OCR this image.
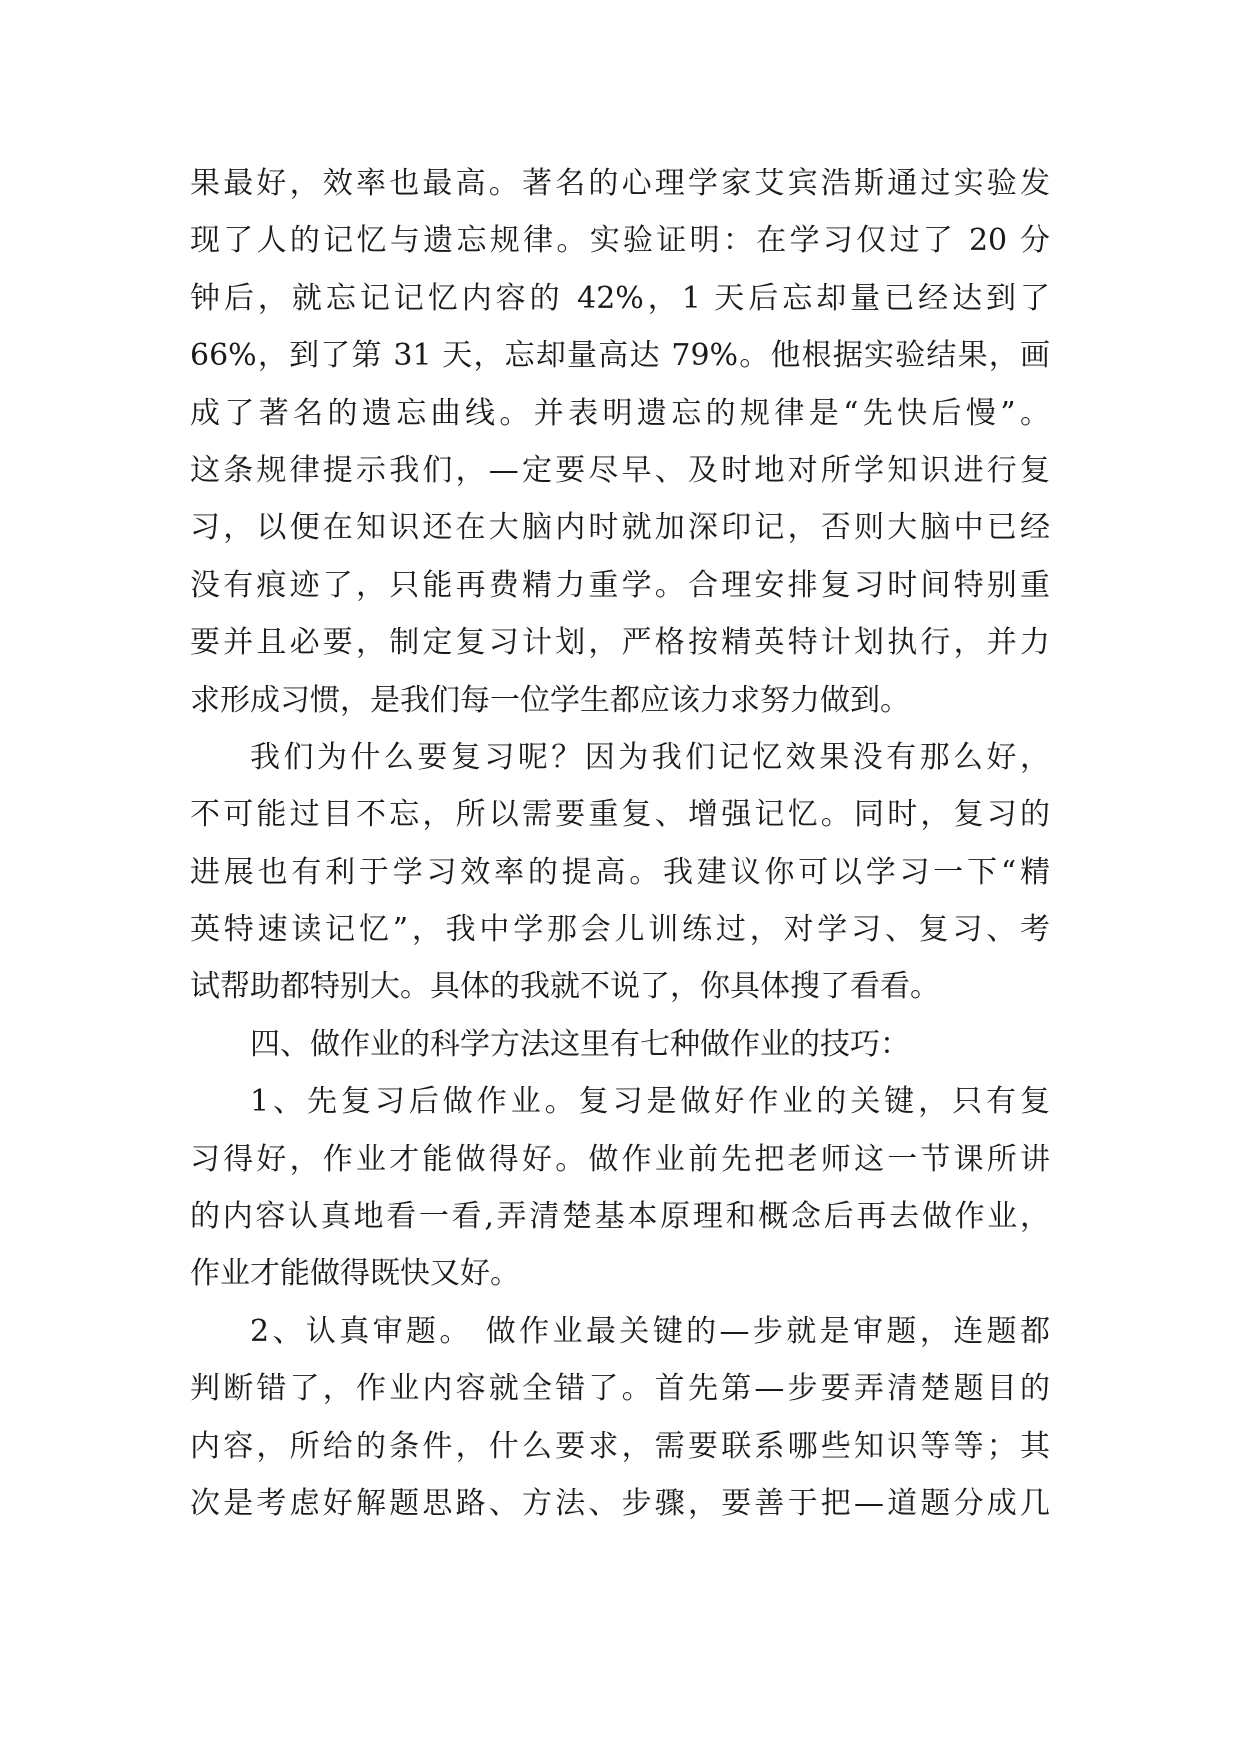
果最好，效率也最高。著名的心理学家艾宾浩斯通过实验发
现了人的记忆与遗忘规律。实验证明：在学习仅过了 20 分
钟后，就忘记记忆内容的 42%，1 天后忘却量已经达到了
66%，到了第 31 天，忘却量高达 79%。他根据实验结果，画
成了著名的遗忘曲线。并表明遗忘的规律是“先快后慢”。
这条规律提示我们，—定要尽早、及时地对所学知识进行复
习，以便在知识还在大脑内时就加深印记，否则大脑中已经
没有痕迹了，只能再费精力重学。合理安排复习时间特别重
要并且必要，制定复习计划，严格按精英特计划执行，并力
求形成习惯，是我们每一位学生都应该力求努力做到。
我们为什么要复习呢？因为我们记忆效果没有那么好，
不可能过目不忘，所以需要重复、增强记忆。同时，复习的
进展也有利于学习效率的提高。我建议你可以学习一下“精
英特速读记忆”，我中学那会儿训练过，对学习、复习、考
试帮助都特别大。具体的我就不说了，你具体搜了看看。
四、做作业的科学方法这里有七种做作业的技巧：
1、先复习后做作业。复习是做好作业的关键，只有复
习得好，作业才能做得好。做作业前先把老师这一节课所讲
的内容认真地看一看,弄清楚基本原理和概念后再去做作业，
作业才能做得既快又好。
2、认真审题。 做作业最关键的—步就是审题，连题都
判断错了，作业内容就全错了。首先第—步要弄清楚题目的
内容，所给的条件，什么要求，需要联系哪些知识等等；其
次是考虑好解题思路、方法、步骤，要善于把—道题分成几
